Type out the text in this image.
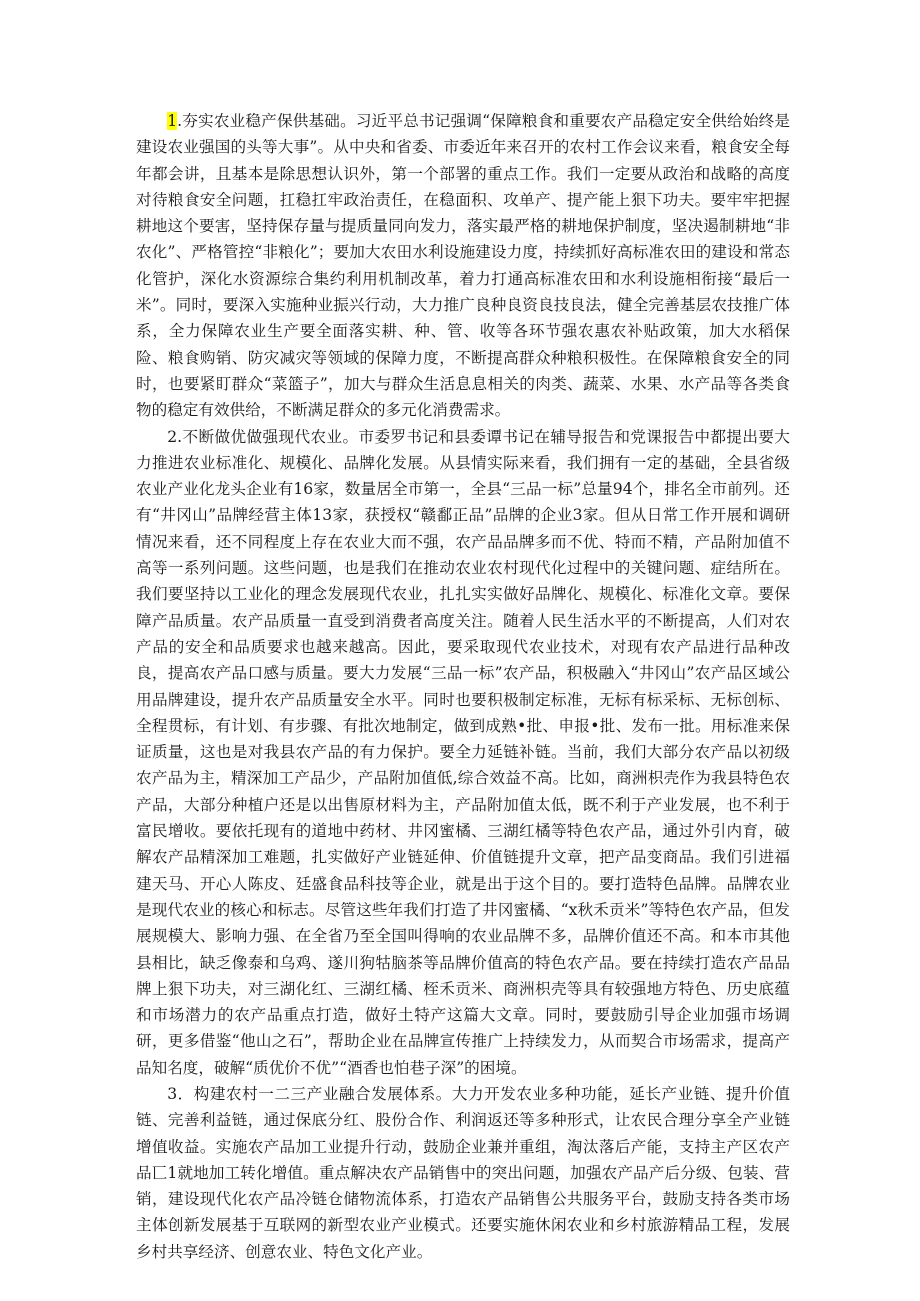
1.夯实农业稳产保供基础。习近平总书记强调“保障粮食和重要农产品稳定安全供给始终是建设农业强国的头等大事”。从中央和省委、市委近年来召开的农村工作会议来看，粮食安全每年都会讲，且基本是除思想认识外，第一个部署的重点工作。我们一定要从政治和战略的高度对待粮食安全问题，扛稳扛牢政治责任，在稳面积、攻单产、提产能上狠下功夫。要牢牢把握耕地这个要害，坚持保存量与提质量同向发力，落实最严格的耕地保护制度，坚决遏制耕地“非农化”、严格管控“非粮化”；要加大农田水利设施建设力度，持续抓好高标准农田的建设和常态化管护，深化水资源综合集约利用机制改革，着力打通高标准农田和水利设施相衔接“最后一米”。同时，要深入实施种业振兴行动，大力推广良种良资良技良法，健全完善基层农技推广体系，全力保障农业生产要全面落实耕、种、管、收等各环节强农惠农补贴政策，加大水稻保险、粮食购销、防灾减灾等领域的保障力度，不断提高群众种粮积极性。在保障粮食安全的同时，也要紧盯群众“菜篮子”，加大与群众生活息息相关的肉类、蔬菜、水果、水产品等各类食物的稳定有效供给，不断满足群众的多元化消费需求。

2.不断做优做强现代农业。市委罗书记和县委谭书记在辅导报告和党课报告中都提出要大力推进农业标准化、规模化、品牌化发展。从县情实际来看，我们拥有一定的基础，全县省级农业产业化龙头企业有16家，数量居全市第一，全县“三品一标”总量94个，排名全市前列。还有“井冈山”品牌经营主体13家，获授权“赣鄱正品”品牌的企业3家。但从日常工作开展和调研情况来看，还不同程度上存在农业大而不强，农产品品牌多而不优、特而不精，产品附加值不高等一系列问题。这些问题，也是我们在推动农业农村现代化过程中的关键问题、症结所在。我们要坚持以工业化的理念发展现代农业，扎扎实实做好品牌化、规模化、标准化文章。要保障产品质量。农产品质量一直受到消费者高度关注。随着人民生活水平的不断提高，人们对农产品的安全和品质要求也越来越高。因此，要采取现代农业技术，对现有农产品进行品种改良，提高农产品口感与质量。要大力发展“三品一标”农产品，积极融入“井冈山”农产品区域公用品牌建设，提升农产品质量安全水平。同时也要积极制定标准，无标有标采标、无标创标、全程贯标，有计划、有步骤、有批次地制定，做到成熟•批、申报•批、发布一批。用标准来保证质量，这也是对我县农产品的有力保护。要全力延链补链。当前，我们大部分农产品以初级农产品为主，精深加工产品少，产品附加值低,综合效益不高。比如，商洲枳壳作为我县特色农产品，大部分种植户还是以出售原材料为主，产品附加值太低，既不利于产业发展，也不利于富民增收。要依托现有的道地中药材、井冈蜜橘、三湖红橘等特色农产品，通过外引内育，破解农产品精深加工难题，扎实做好产业链延伸、价值链提升文章，把产品变商品。我们引进福建天马、开心人陈皮、廷盛食品科技等企业，就是出于这个目的。要打造特色品牌。品牌农业是现代农业的核心和标志。尽管这些年我们打造了井冈蜜橘、“x秋禾贡米”等特色农产品，但发展规模大、影响力强、在全省乃至全国叫得响的农业品牌不多，品牌价值还不高。和本市其他县相比，缺乏像泰和乌鸡、遂川狗牯脑茶等品牌价值高的特色农产品。要在持续打造农产品品牌上狠下功夫，对三湖化红、三湖红橘、桎禾贡米、商洲枳壳等具有较强地方特色、历史底蕴和市场潜力的农产品重点打造，做好土特产这篇大文章。同时，要鼓励引导企业加强市场调研，更多借鉴“他山之石”，帮助企业在品牌宣传推广上持续发力，从而契合市场需求，提高产品知名度，破解“质优价不优”“酒香也怕巷子深”的困境。

3．构建农村一二三产业融合发展体系。大力开发农业多种功能，延长产业链、提升价值链、完善利益链，通过保底分红、股份合作、利润返还等多种形式，让农民合理分享全产业链增值收益。实施农产品加工业提升行动，鼓励企业兼并重组，淘汰落后产能，支持主产区农产品匸1就地加工转化增值。重点解决农产品销售中的突出问题，加强农产品产后分级、包装、营销，建设现代化农产品冷链仓储物流体系，打造农产品销售公共服务平台，鼓励支持各类市场主体创新发展基于互联网的新型农业产业模式。还要实施休闲农业和乡村旅游精品工程，发展乡村共享经济、创意农业、特色文化产业。
